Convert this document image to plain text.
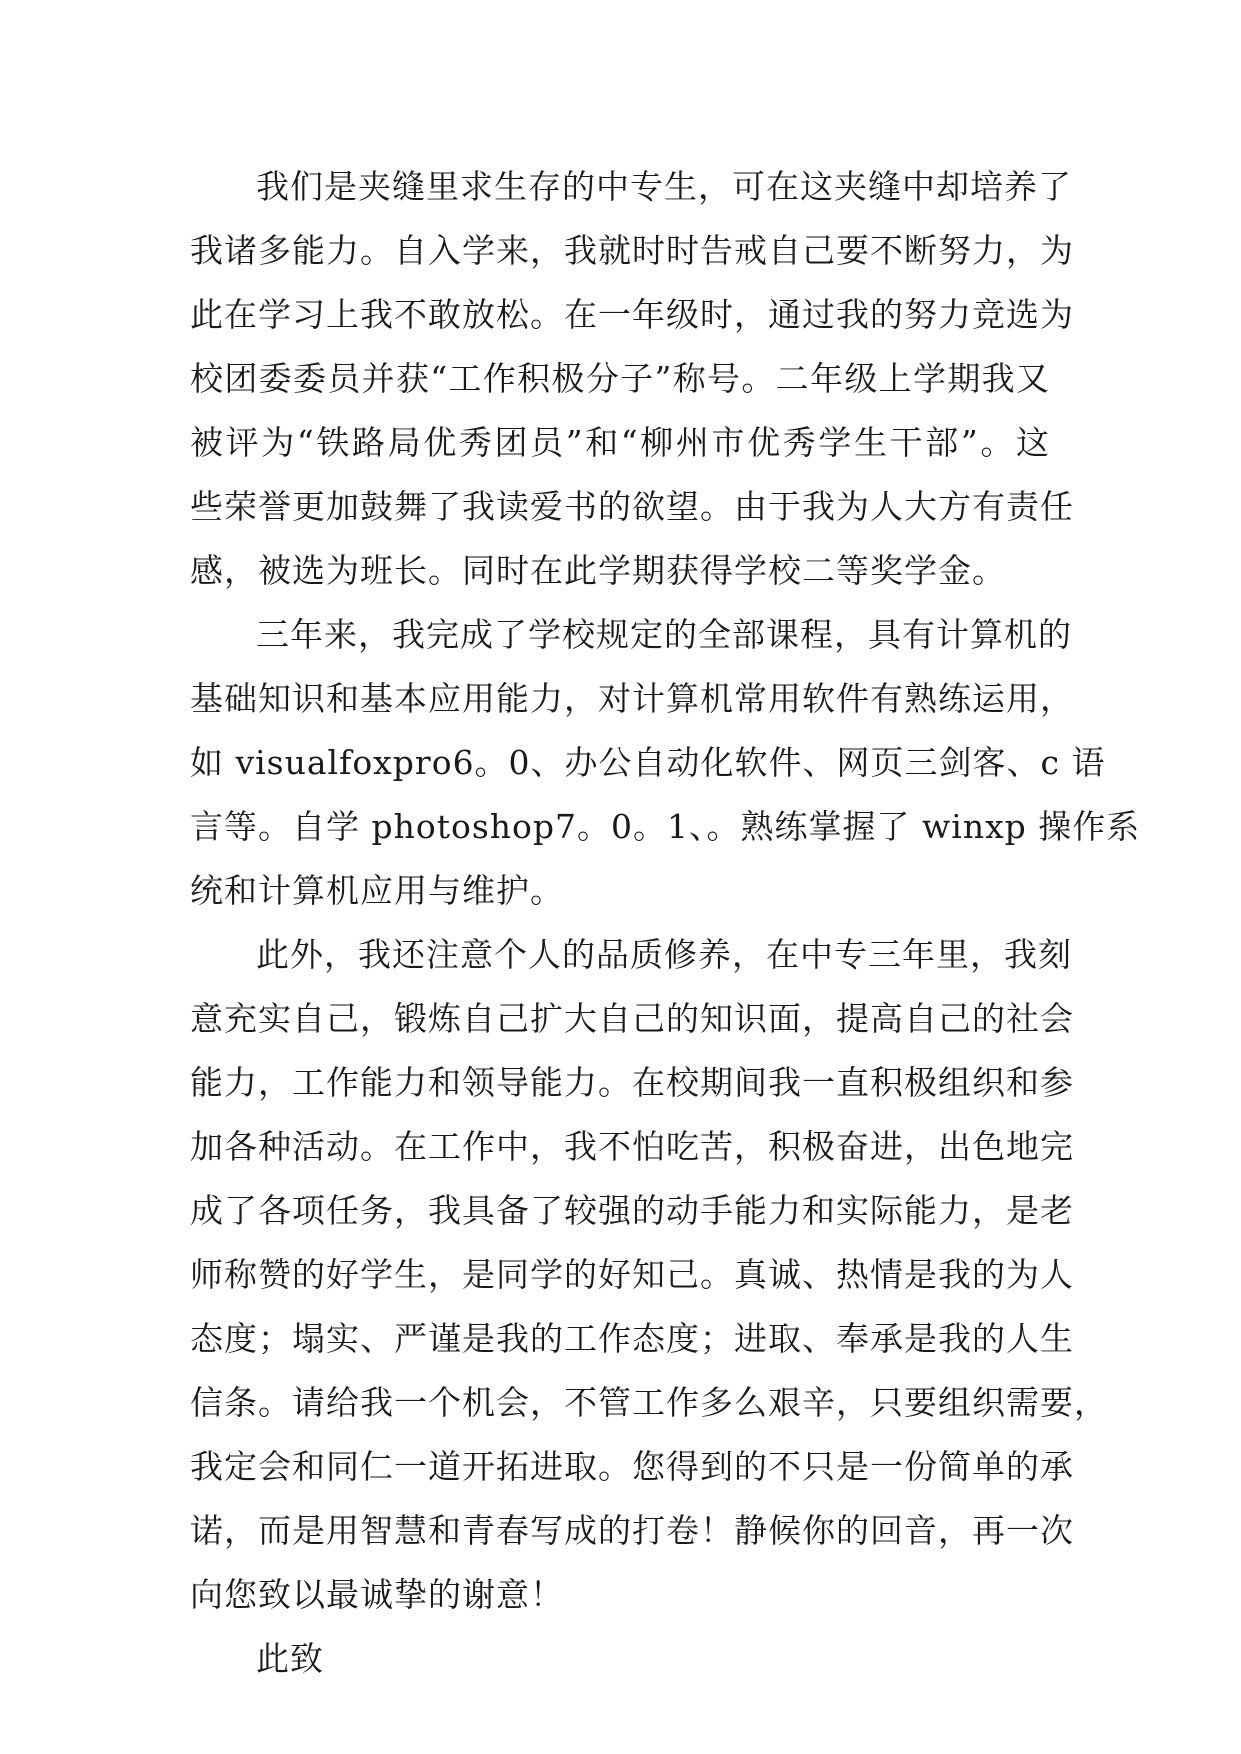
我们是夹缝里求生存的中专生，可在这夹缝中却培养了
我诸多能力。自入学来，我就时时告戒自己要不断努力，为
此在学习上我不敢放松。在一年级时，通过我的努力竞选为
校团委委员并获“工作积极分子”称号。二年级上学期我又
被评为“铁路局优秀团员”和“柳州市优秀学生干部”。这
些荣誉更加鼓舞了我读爱书的欲望。由于我为人大方有责任
感，被选为班长。同时在此学期获得学校二等奖学金。
三年来，我完成了学校规定的全部课程，具有计算机的
基础知识和基本应用能力，对计算机常用软件有熟练运用，
如 visualfoxpro6。0、办公自动化软件、网页三剑客、c 语
言等。自学 photoshop7。0。1、。熟练掌握了 winxp 操作系
统和计算机应用与维护。
此外，我还注意个人的品质修养，在中专三年里，我刻
意充实自己，锻炼自己扩大自己的知识面，提高自己的社会
能力，工作能力和领导能力。在校期间我一直积极组织和参
加各种活动。在工作中，我不怕吃苦，积极奋进，出色地完
成了各项任务，我具备了较强的动手能力和实际能力，是老
师称赞的好学生，是同学的好知己。真诚、热情是我的为人
态度；塌实、严谨是我的工作态度；进取、奉承是我的人生
信条。请给我一个机会，不管工作多么艰辛，只要组织需要，
我定会和同仁一道开拓进取。您得到的不只是一份简单的承
诺，而是用智慧和青春写成的打卷！静候你的回音，再一次
向您致以最诚挚的谢意！
此致
